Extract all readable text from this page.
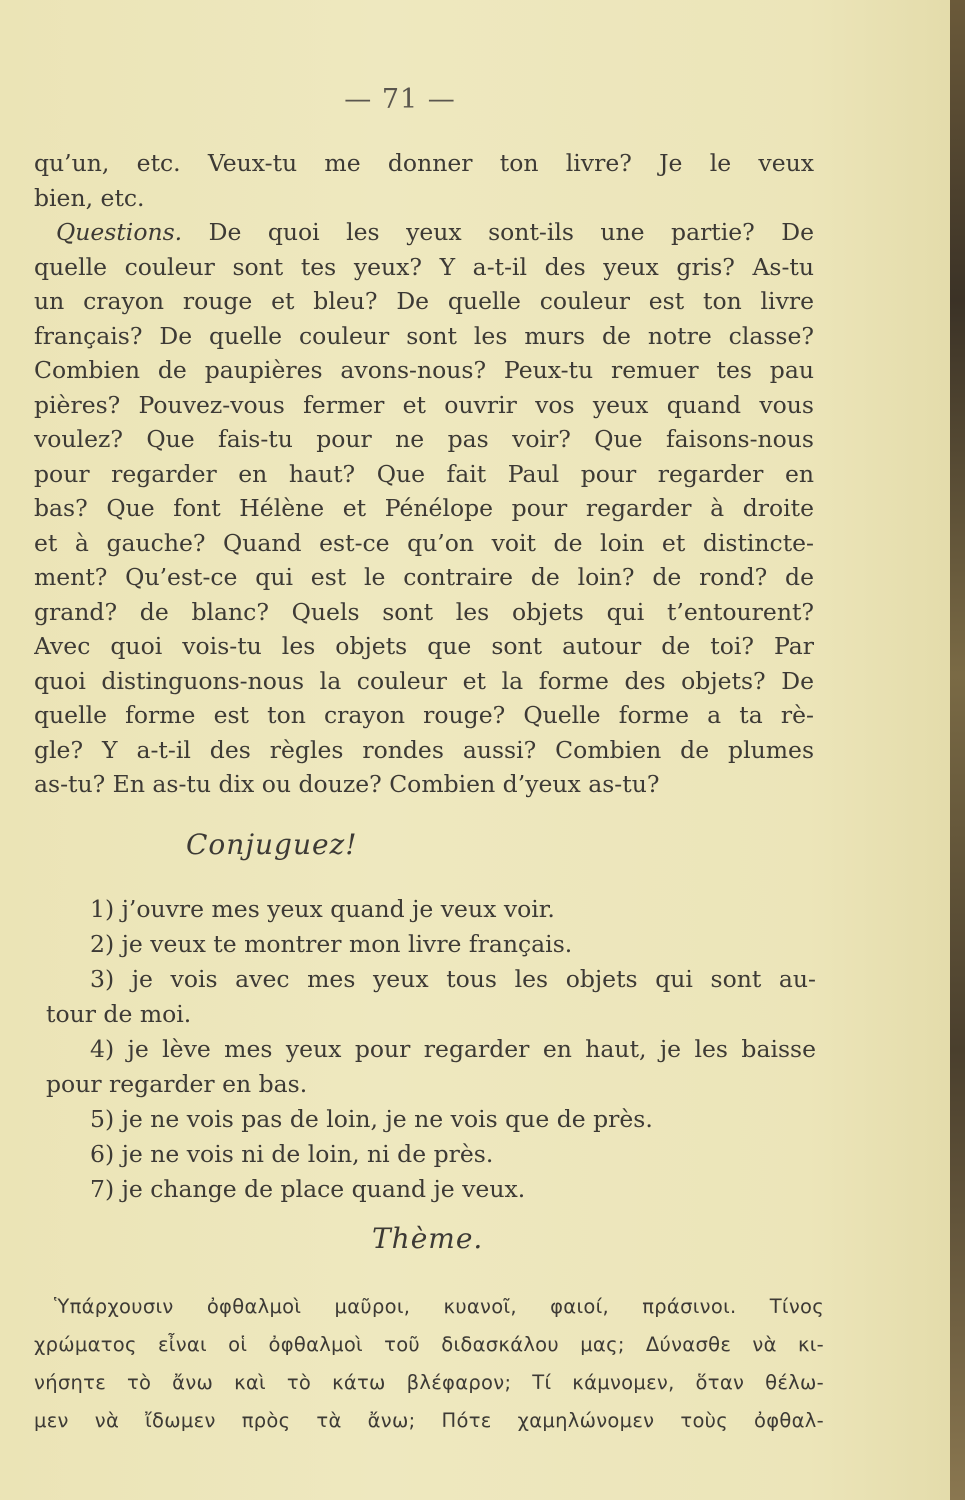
— 71 —
qu’un, etc. Veux-tu me donner ton livre? Je le veux
bien, etc.
Questions. De quoi les yeux sont-ils une partie? De
quelle couleur sont tes yeux? Y a-t-il des yeux gris? As-tu
un crayon rouge et bleu? De quelle couleur est ton livre
français? De quelle couleur sont les murs de notre classe?
Combien de paupières avons-nous? Peux-tu remuer tes pau
pières? Pouvez-vous fermer et ouvrir vos yeux quand vous
voulez? Que fais-tu pour ne pas voir? Que faisons-nous
pour regarder en haut? Que fait Paul pour regarder en
bas? Que font Hélène et Pénélope pour regarder à droite
et à gauche? Quand est-ce qu’on voit de loin et distincte-
ment? Qu’est-ce qui est le contraire de loin? de rond? de
grand? de blanc? Quels sont les objets qui t’entourent?
Avec quoi vois-tu les objets que sont autour de toi? Par
quoi distinguons-nous la couleur et la forme des objets? De
quelle forme est ton crayon rouge? Quelle forme a ta rè-
gle? Y a-t-il des règles rondes aussi? Combien de plumes
as-tu? En as-tu dix ou douze? Combien d’yeux as-tu?
Conjuguez!
1) j’ouvre mes yeux quand je veux voir.
2) je veux te montrer mon livre français.
3) je vois avec mes yeux tous les objets qui sont au-
tour de moi.
4) je lève mes yeux pour regarder en haut, je les baisse
pour regarder en bas.
5) je ne vois pas de loin, je ne vois que de près.
6) je ne vois ni de loin, ni de près.
7) je change de place quand je veux.
Thème.
Ὑπάρχουσιν ὀφθαλμοὶ μαῦροι, κυανοῖ, φαιοί, πράσινοι. Τίνος
χρώματος εἶναι οἱ ὀφθαλμοὶ τοῦ διδασκάλου μας; Δύνασθε νὰ κι-
νήσητε τὸ ἄνω καὶ τὸ κάτω βλέφαρον; Τί κάμνομεν, ὅταν θέλω-
μεν νὰ ἴδωμεν πρὸς τὰ ἄνω; Πότε χαμηλώνομεν τοὺς ὀφθαλ-
